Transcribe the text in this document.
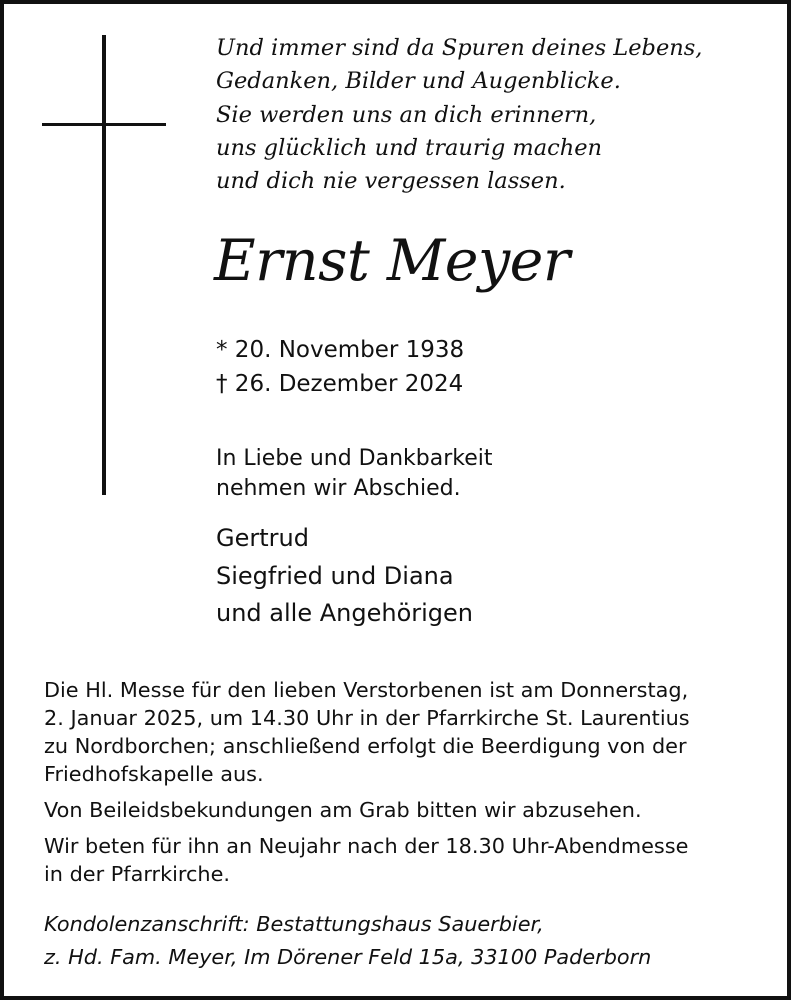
Und immer sind da Spuren deines Lebens,
Gedanken, Bilder und Augenblicke.
Sie werden uns an dich erinnern,
uns glücklich und traurig machen
und dich nie vergessen lassen.
Ernst Meyer
* 20. November 1938
† 26. Dezember 2024
In Liebe und Dankbarkeit
nehmen wir Abschied.
Gertrud
Siegfried und Diana
und alle Angehörigen
Die Hl. Messe für den lieben Verstorbenen ist am Donnerstag,
2. Januar 2025, um 14.30 Uhr in der Pfarrkirche St. Laurentius
zu Nordborchen; anschließend erfolgt die Beerdigung von der
Friedhofskapelle aus.
Von Beileidsbekundungen am Grab bitten wir abzusehen.
Wir beten für ihn an Neujahr nach der 18.30 Uhr-Abendmesse
in der Pfarrkirche.
Kondolenzanschrift: Bestattungshaus Sauerbier,
z. Hd. Fam. Meyer, Im Dörener Feld 15a, 33100 Paderborn
